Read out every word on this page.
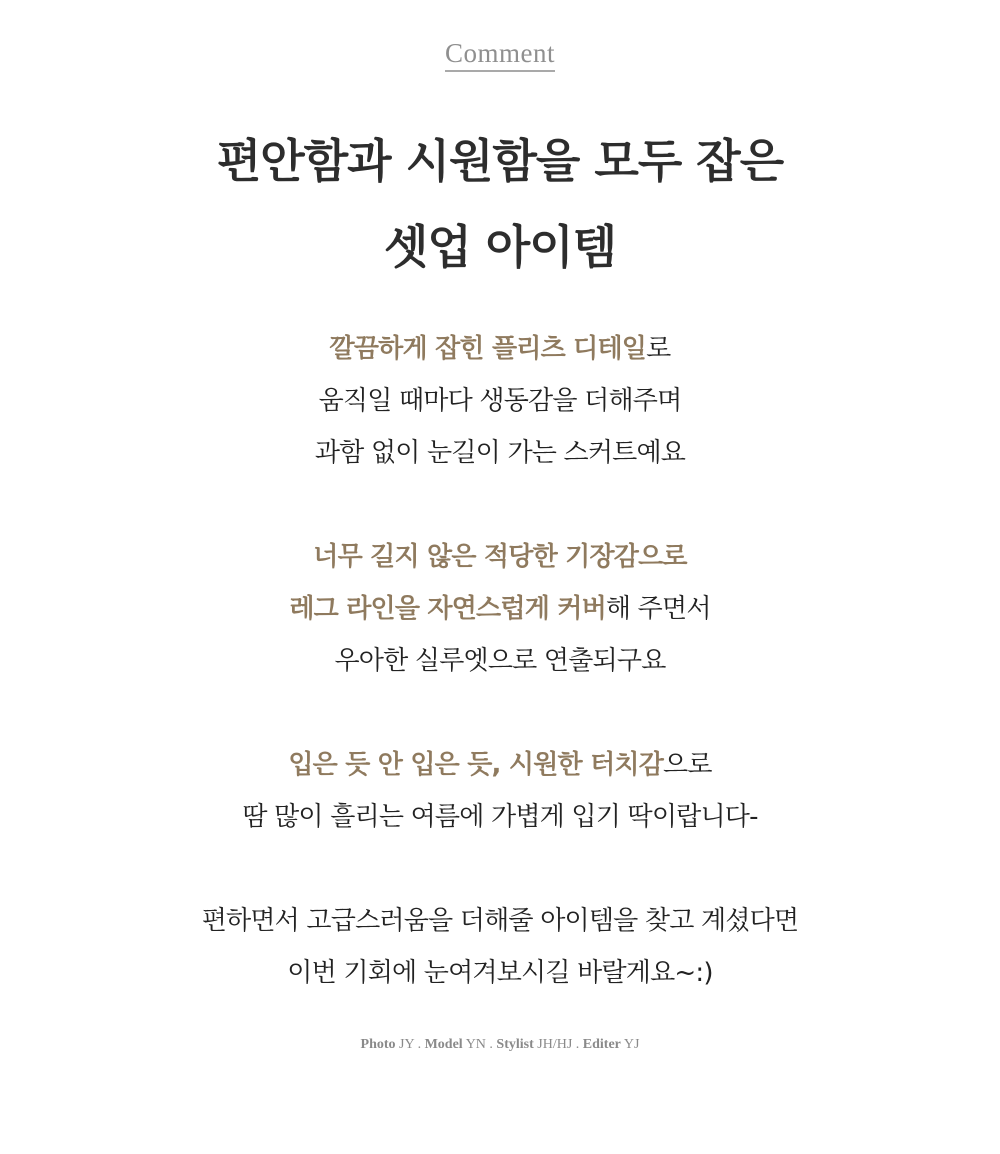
Comment
편안함과 시원함을 모두 잡은
셋업 아이템
깔끔하게 잡힌 플리츠 디테일로
움직일 때마다 생동감을 더해주며
과함 없이 눈길이 가는 스커트예요
너무 길지 않은 적당한 기장감으로
레그 라인을 자연스럽게 커버해 주면서
우아한 실루엣으로 연출되구요
입은 듯 안 입은 듯, 시원한 터치감으로
땀 많이 흘리는 여름에 가볍게 입기 딱이랍니다-
편하면서 고급스러움을 더해줄 아이템을 찾고 계셨다면
이번 기회에 눈여겨보시길 바랄게요~:)
Photo JY . Model YN . Stylist JH/HJ . Editer YJ
